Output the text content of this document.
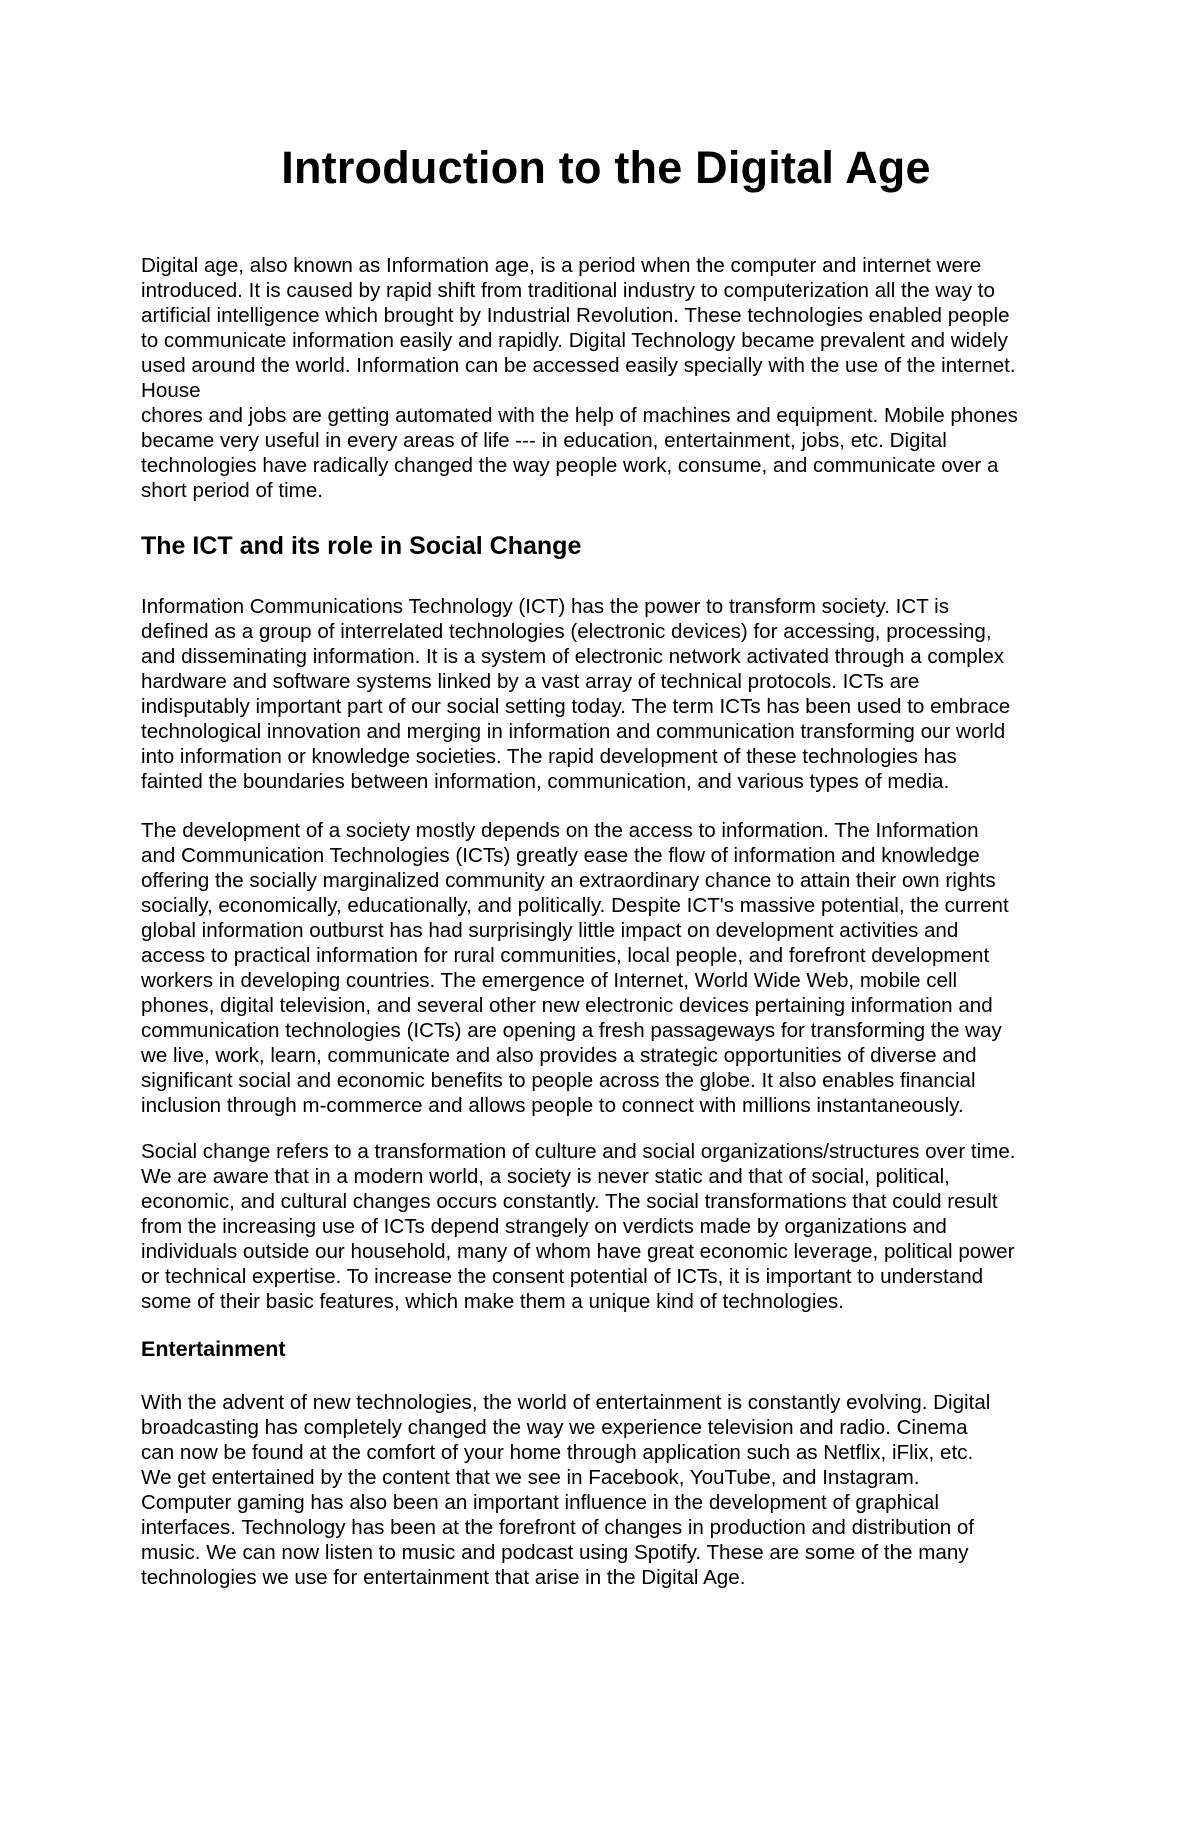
Introduction to the Digital Age

Digital age, also known as Information age, is a period when the computer and internet were
introduced. It is caused by rapid shift from traditional industry to computerization all the way to
artificial intelligence which brought by Industrial Revolution. These technologies enabled people
to communicate information easily and rapidly. Digital Technology became prevalent and widely
used around the world. Information can be accessed easily specially with the use of the internet.
House
chores and jobs are getting automated with the help of machines and equipment. Mobile phones
became very useful in every areas of life --- in education, entertainment, jobs, etc. Digital
technologies have radically changed the way people work, consume, and communicate over a
short period of time.

The ICT and its role in Social Change

Information Communications Technology (ICT) has the power to transform society. ICT is
defined as a group of interrelated technologies (electronic devices) for accessing, processing,
and disseminating information. It is a system of electronic network activated through a complex
hardware and software systems linked by a vast array of technical protocols. ICTs are
indisputably important part of our social setting today. The term ICTs has been used to embrace
technological innovation and merging in information and communication transforming our world
into information or knowledge societies. The rapid development of these technologies has
fainted the boundaries between information, communication, and various types of media.

The development of a society mostly depends on the access to information. The Information
and Communication Technologies (ICTs) greatly ease the flow of information and knowledge
offering the socially marginalized community an extraordinary chance to attain their own rights
socially, economically, educationally, and politically. Despite ICT's massive potential, the current
global information outburst has had surprisingly little impact on development activities and
access to practical information for rural communities, local people, and forefront development
workers in developing countries. The emergence of Internet, World Wide Web, mobile cell
phones, digital television, and several other new electronic devices pertaining information and
communication technologies (ICTs) are opening a fresh passageways for transforming the way
we live, work, learn, communicate and also provides a strategic opportunities of diverse and
significant social and economic benefits to people across the globe. It also enables financial
inclusion through m-commerce and allows people to connect with millions instantaneously.

Social change refers to a transformation of culture and social organizations/structures over time.
We are aware that in a modern world, a society is never static and that of social, political,
economic, and cultural changes occurs constantly. The social transformations that could result
from the increasing use of ICTs depend strangely on verdicts made by organizations and
individuals outside our household, many of whom have great economic leverage, political power
or technical expertise. To increase the consent potential of ICTs, it is important to understand
some of their basic features, which make them a unique kind of technologies.

Entertainment

With the advent of new technologies, the world of entertainment is constantly evolving. Digital
broadcasting has completely changed the way we experience television and radio. Cinema
can now be found at the comfort of your home through application such as Netflix, iFlix, etc.
We get entertained by the content that we see in Facebook, YouTube, and Instagram.
Computer gaming has also been an important influence in the development of graphical
interfaces. Technology has been at the forefront of changes in production and distribution of
music. We can now listen to music and podcast using Spotify. These are some of the many
technologies we use for entertainment that arise in the Digital Age.
